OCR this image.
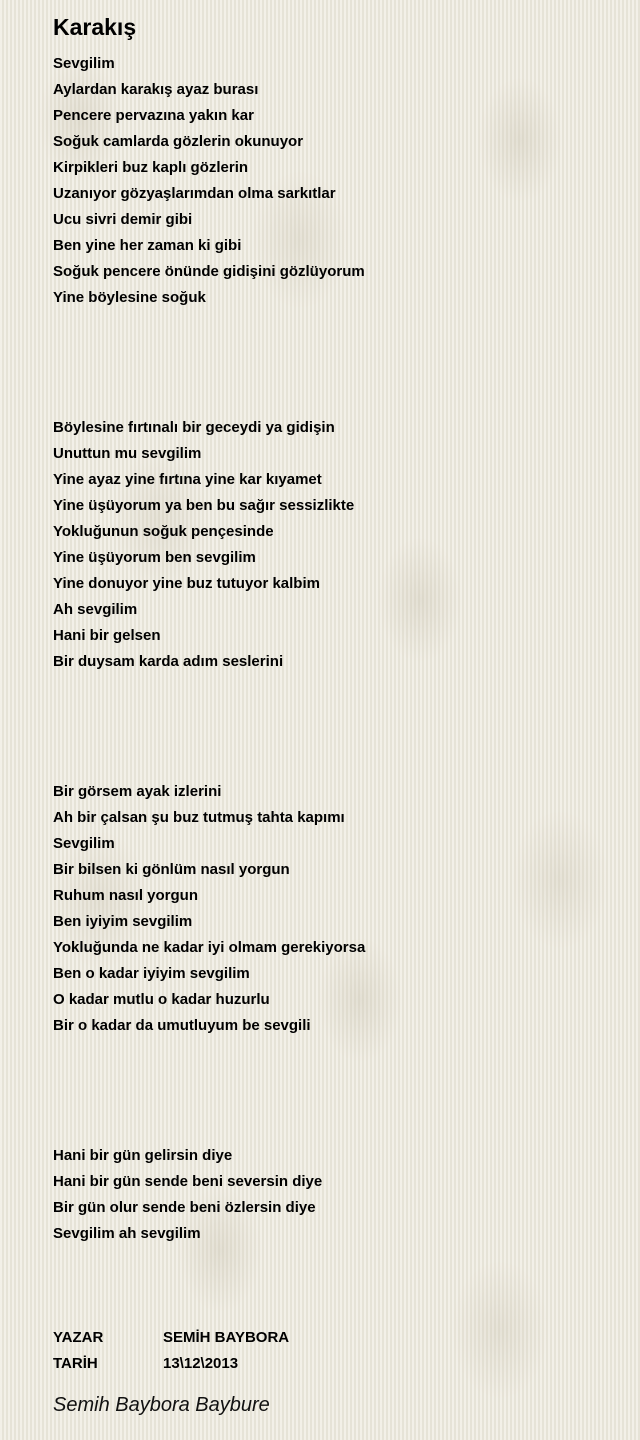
Karakış
Sevgilim
Aylardan karakış ayaz burası
Pencere pervazına yakın kar
Soğuk camlarda gözlerin okunuyor
Kirpikleri buz kaplı gözlerin
Uzanıyor gözyaşlarımdan olma sarkıtlar
Ucu sivri demir gibi
Ben yine her zaman ki gibi
Soğuk pencere önünde gidişini gözlüyorum
Yine böylesine soğuk
Böylesine fırtınalı bir geceydi ya gidişin
Unuttun mu sevgilim
Yine ayaz yine fırtına yine kar kıyamet
Yine üşüyorum ya ben bu sağır sessizlikte
Yokluğunun soğuk pençesinde
Yine üşüyorum ben sevgilim
Yine donuyor yine buz tutuyor kalbim
Ah sevgilim
Hani bir gelsen
Bir duysam karda adım seslerini
Bir görsem ayak izlerini
Ah bir çalsan şu buz tutmuş tahta kapımı
Sevgilim
Bir bilsen ki gönlüm nasıl yorgun
Ruhum nasıl yorgun
Ben iyiyim sevgilim
Yokluğunda ne kadar iyi olmam gerekiyorsa
Ben o kadar iyiyim sevgilim
O kadar mutlu o kadar huzurlu
Bir o kadar da umutluyum be sevgili
Hani bir gün gelirsin diye
Hani bir gün sende beni seversin diye
Bir gün olur sende beni özlersin diye
Sevgilim ah sevgilim
YAZAR	SEMİH BAYBORA
TARİH	13\12\2013
Semih Baybora Baybure
